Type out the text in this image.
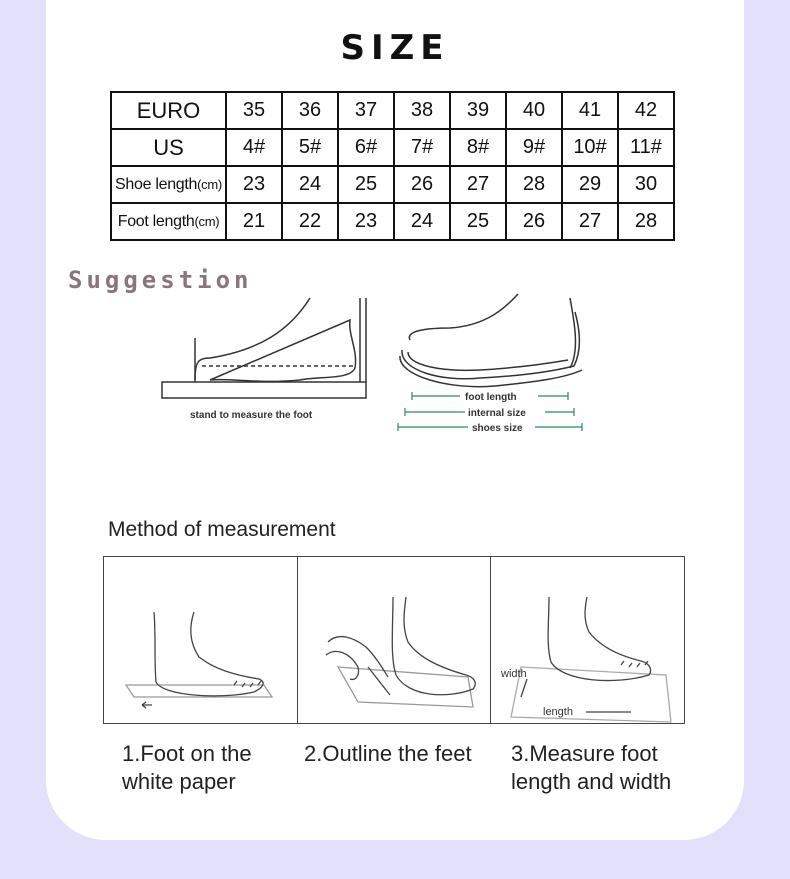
SIZE
EURO	35	36	37	38	39	40	41	42
US	4#	5#	6#	7#	8#	9#	10#	11#
Shoe length(cm)	23	24	25	26	27	28	29	30
Foot length(cm)	21	22	23	24	25	26	27	28
Suggestion
stand to measure the foot
foot length
internal size
shoes size
Method of measurement
width
length
1.Foot on the
white paper
2.Outline the feet 3.Measure foot
length and width
